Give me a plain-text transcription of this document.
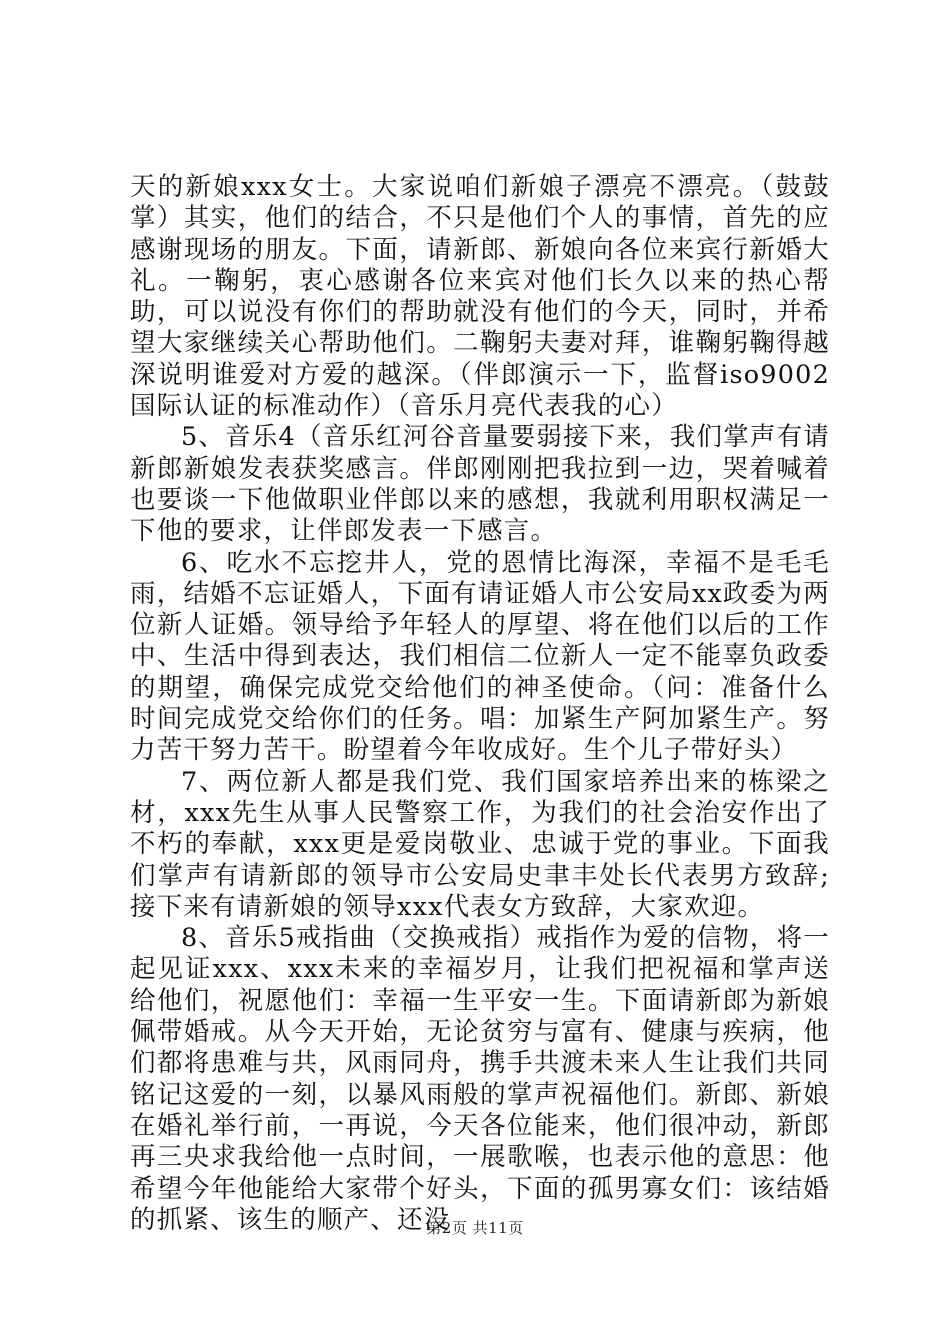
天的新娘xxx女士。大家说咱们新娘子漂亮不漂亮。（鼓鼓掌）其实，他们的结合，不只是他们个人的事情，首先的应感谢现场的朋友。下面，请新郎、新娘向各位来宾行新婚大礼。一鞠躬，衷心感谢各位来宾对他们长久以来的热心帮助，可以说没有你们的帮助就没有他们的今天，同时，并希望大家继续关心帮助他们。二鞠躬夫妻对拜，谁鞠躬鞠得越深说明谁爱对方爱的越深。（伴郎演示一下，监督iso9002国际认证的标准动作）（音乐月亮代表我的心）

5、音乐4（音乐红河谷音量要弱接下来，我们掌声有请新郎新娘发表获奖感言。伴郎刚刚把我拉到一边，哭着喊着也要谈一下他做职业伴郎以来的感想，我就利用职权满足一下他的要求，让伴郎发表一下感言。

6、吃水不忘挖井人，党的恩情比海深，幸福不是毛毛雨，结婚不忘证婚人，下面有请证婚人市公安局xx政委为两位新人证婚。领导给予年轻人的厚望、将在他们以后的工作中、生活中得到表达，我们相信二位新人一定不能辜负政委的期望，确保完成党交给他们的神圣使命。（问：准备什么时间完成党交给你们的任务。唱：加紧生产阿加紧生产。努力苦干努力苦干。盼望着今年收成好。生个儿子带好头）

7、两位新人都是我们党、我们国家培养出来的栋梁之材，xxx先生从事人民警察工作，为我们的社会治安作出了不朽的奉献，xxx更是爱岗敬业、忠诚于党的事业。下面我们掌声有请新郎的领导市公安局史聿丰处长代表男方致辞;接下来有请新娘的领导xxx代表女方致辞，大家欢迎。

8、音乐5戒指曲（交换戒指）戒指作为爱的信物，将一起见证xxx、xxx未来的幸福岁月，让我们把祝福和掌声送给他们，祝愿他们：幸福一生平安一生。下面请新郎为新娘佩带婚戒。从今天开始，无论贫穷与富有、健康与疾病，他们都将患难与共，风雨同舟，携手共渡未来人生让我们共同铭记这爱的一刻，以暴风雨般的掌声祝福他们。新郎、新娘在婚礼举行前，一再说，今天各位能来，他们很冲动，新郎再三央求我给他一点时间，一展歌喉，也表示他的意思：他希望今年他能给大家带个好头，下面的孤男寡女们：该结婚的抓紧、该生的顺产、还没

第2页 共11页
